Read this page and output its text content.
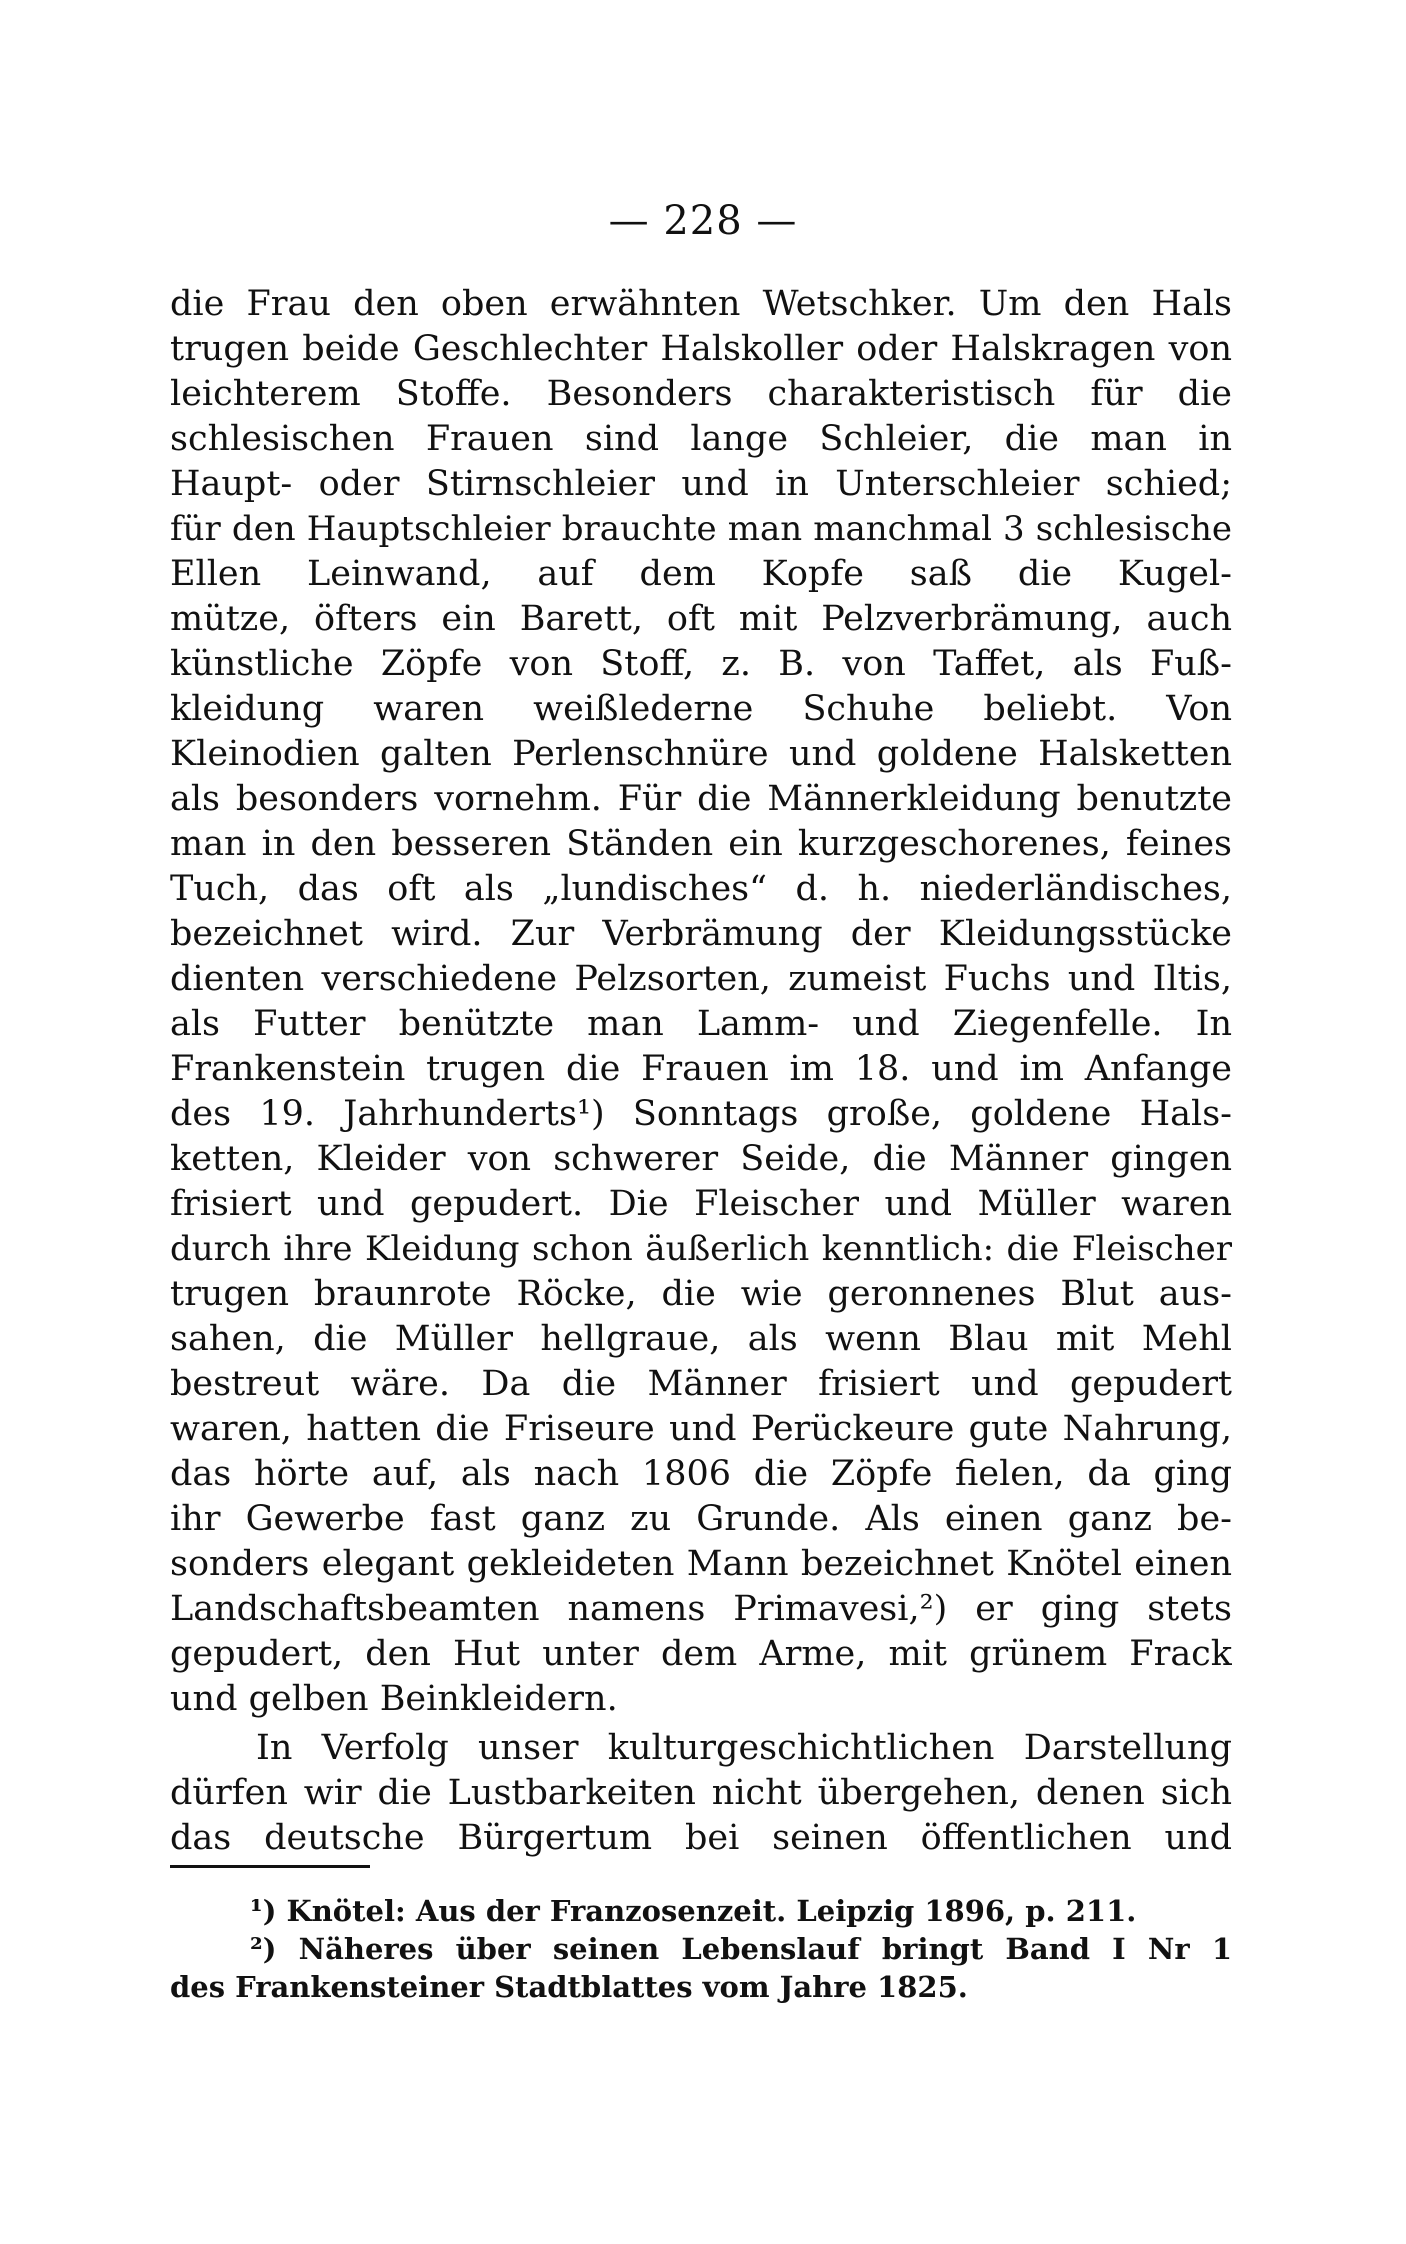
— 228 —
die Frau den oben erwähnten Wetschker. Um den Hals
trugen beide Geschlechter Halskoller oder Halskragen von
leichterem Stoffe. Besonders charakteristisch für die
schlesischen Frauen sind lange Schleier, die man in
Haupt- oder Stirnschleier und in Unterschleier schied;
für den Hauptschleier brauchte man manchmal 3 schlesische
Ellen Leinwand, auf dem Kopfe saß die Kugel-
mütze, öfters ein Barett, oft mit Pelzverbrämung, auch
künstliche Zöpfe von Stoff, z. B. von Taffet, als Fuß-
kleidung waren weißlederne Schuhe beliebt. Von
Kleinodien galten Perlenschnüre und goldene Halsketten
als besonders vornehm. Für die Männerkleidung benutzte
man in den besseren Ständen ein kurzgeschorenes, feines
Tuch, das oft als „lundisches“ d. h. niederländisches,
bezeichnet wird. Zur Verbrämung der Kleidungsstücke
dienten verschiedene Pelzsorten, zumeist Fuchs und Iltis,
als Futter benützte man Lamm- und Ziegenfelle. In
Frankenstein trugen die Frauen im 18. und im Anfange
des 19. Jahrhunderts¹) Sonntags große, goldene Hals-
ketten, Kleider von schwerer Seide, die Männer gingen
frisiert und gepudert. Die Fleischer und Müller waren
durch ihre Kleidung schon äußerlich kenntlich: die Fleischer
trugen braunrote Röcke, die wie geronnenes Blut aus-
sahen, die Müller hellgraue, als wenn Blau mit Mehl
bestreut wäre. Da die Männer frisiert und gepudert
waren, hatten die Friseure und Perückeure gute Nahrung,
das hörte auf, als nach 1806 die Zöpfe fielen, da ging
ihr Gewerbe fast ganz zu Grunde. Als einen ganz be-
sonders elegant gekleideten Mann bezeichnet Knötel einen
Landschaftsbeamten namens Primavesi,²) er ging stets
gepudert, den Hut unter dem Arme, mit grünem Frack
und gelben Beinkleidern.
In Verfolg unser kulturgeschichtlichen Darstellung
dürfen wir die Lustbarkeiten nicht übergehen, denen sich
das deutsche Bürgertum bei seinen öffentlichen und
¹) Knötel: Aus der Franzosenzeit. Leipzig 1896, p. 211.
²) Näheres über seinen Lebenslauf bringt Band I Nr 1
des Frankensteiner Stadtblattes vom Jahre 1825.
